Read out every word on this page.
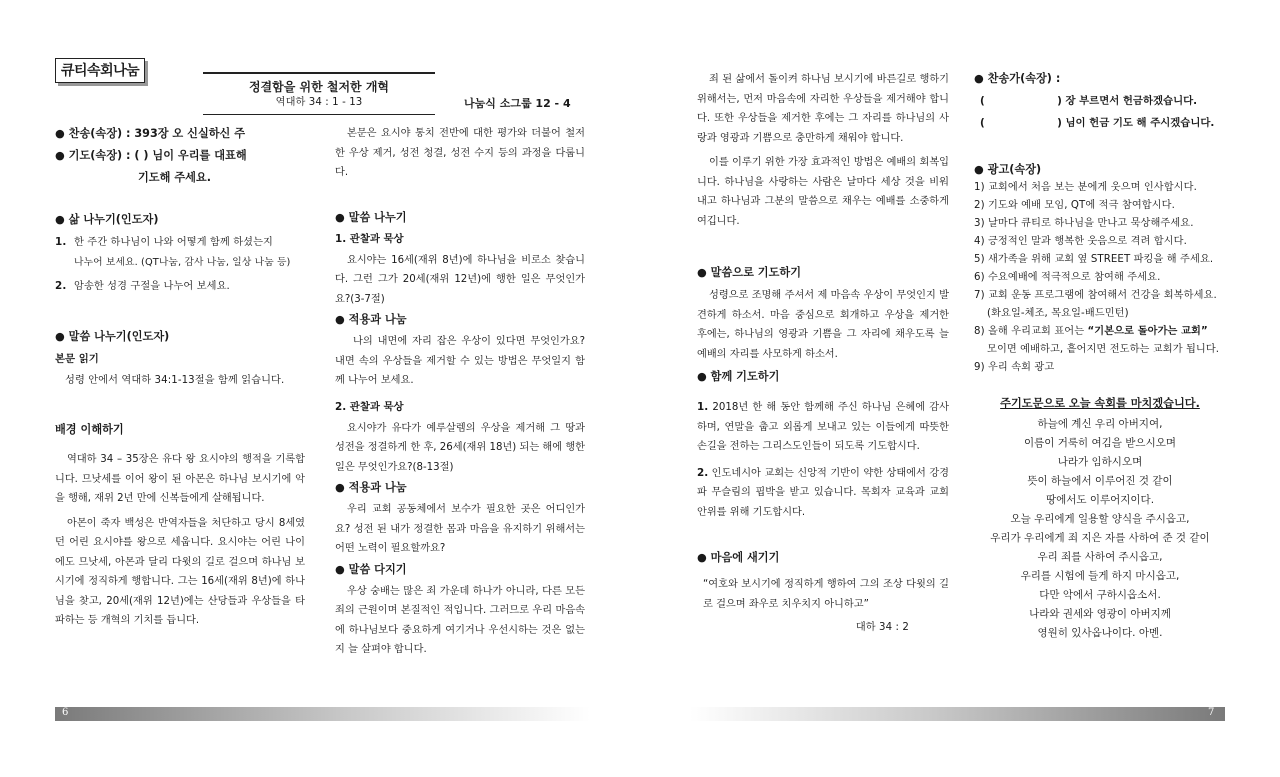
큐티속회나눔
정결함을 위한 철저한 개혁
역대하 34 : 1 - 13	나눔식 소그룹 12 - 4
● 찬송(속장) : 393장 오 신실하신 주
● 기도(속장) : ( ) 님이 우리를 대표해
기도해 주세요.
● 삶 나누기(인도자)
1. 한 주간 하나님이 나와 어떻게 함께 하셨는지
나누어 보세요. (QT나눔, 감사 나눔, 일상 나눔 등)
2. 암송한 성경 구절을 나누어 보세요.
● 말씀 나누기(인도자)
본문 읽기
성령 안에서 역대하 34:1-13절을 함께 읽습니다.
배경 이해하기
역대하 34 – 35장은 유다 왕 요시야의 행적을 기록합니다. 므낫세를 이어 왕이 된 아몬은 하나님 보시기에 악을 행해, 재위 2년 만에 신복들에게 살해됩니다.
아몬이 죽자 백성은 반역자들을 처단하고 당시 8세였던 어린 요시야를 왕으로 세웁니다. 요시야는 어린 나이에도 므낫세, 아몬과 달리 다윗의 길로 걸으며 하나님 보시기에 정직하게 행합니다. 그는 16세(재위 8년)에 하나님을 찾고, 20세(재위 12년)에는 산당들과 우상들을 타파하는 등 개혁의 기치를 듭니다.
본문은 요시야 통치 전반에 대한 평가와 더불어 철저한 우상 제거, 성전 청결, 성전 수지 등의 과정을 다룹니다.
● 말씀 나누기
1. 관찰과 묵상
요시야는 16세(재위 8년)에 하나님을 비로소 찾습니다. 그런 그가 20세(재위 12년)에 행한 일은 무엇인가요?(3-7절)
● 적용과 나눔
나의 내면에 자리 잡은 우상이 있다면 무엇인가요? 내면 속의 우상들을 제거할 수 있는 방법은 무엇일지 함께 나누어 보세요.
2. 관찰과 묵상
요시야가 유다가 예루살렘의 우상을 제거해 그 땅과 성전을 정결하게 한 후, 26세(재위 18년) 되는 해에 행한 일은 무엇인가요?(8-13절)
● 적용과 나눔
우리 교회 공동체에서 보수가 필요한 곳은 어디인가요? 성전 된 내가 정결한 몸과 마음을 유지하기 위해서는 어떤 노력이 필요할까요?
● 말씀 다지기
우상 숭배는 많은 죄 가운데 하나가 아니라, 다른 모든 죄의 근원이며 본질적인 적입니다. 그러므로 우리 마음속에 하나님보다 중요하게 여기거나 우선시하는 것은 없는지 늘 살펴야 합니다.
6
죄 된 삶에서 돌이켜 하나님 보시기에 바른길로 행하기 위해서는, 먼저 마음속에 자리한 우상들을 제거해야 합니다. 또한 우상들을 제거한 후에는 그 자리를 하나님의 사랑과 영광과 기쁨으로 충만하게 채워야 합니다.
이를 이루기 위한 가장 효과적인 방법은 예배의 회복입니다. 하나님을 사랑하는 사람은 날마다 세상 것을 비워내고 하나님과 그분의 말씀으로 채우는 예배를 소중하게 여깁니다.
● 말씀으로 기도하기
성령으로 조명해 주셔서 제 마음속 우상이 무엇인지 발견하게 하소서. 마음 중심으로 회개하고 우상을 제거한 후에는, 하나님의 영광과 기쁨을 그 자리에 채우도록 늘 예배의 자리를 사모하게 하소서.
● 함께 기도하기
1. 2018년 한 해 동안 함께해 주신 하나님 은혜에 감사하며, 연말을 춥고 외롭게 보내고 있는 이들에게 따뜻한 손길을 전하는 그리스도인들이 되도록 기도합시다.
2. 인도네시아 교회는 신앙적 기반이 약한 상태에서 강경파 무슬림의 핍박을 받고 있습니다. 목회자 교육과 교회 안위를 위해 기도합시다.
● 마음에 새기기
“여호와 보시기에 정직하게 행하여 그의 조상 다윗의 길로 걸으며 좌우로 치우치지 아니하고”
대하 34 : 2
● 찬송가(속장) :
(                    ) 장 부르면서 헌금하겠습니다.
(                    ) 님이 헌금 기도 해 주시겠습니다.
● 광고(속장)
1) 교회에서 처음 보는 분에게 웃으며 인사합시다.
2) 기도와 예배 모임, QT에 적극 참여합시다.
3) 날마다 큐티로 하나님을 만나고 묵상해주세요.
4) 긍정적인 말과 행복한 웃음으로 격려 합시다.
5) 새가족을 위해 교회 옆 STREET 파킹을 해 주세요.
6) 수요예배에 적극적으로 참여해 주세요.
7) 교회 운동 프로그램에 참여해서 건강을 회복하세요.
(화요일-체조, 목요일-배드민턴)
8) 올해 우리교회 표어는 “기본으로 돌아가는 교회”
모이면 예배하고, 흩어지면 전도하는 교회가 됩니다.
9) 우리 속회 광고
주기도문으로 오늘 속회를 마치겠습니다.
하늘에 계신 우리 아버지여,
이름이 거룩히 여김을 받으시오며
나라가 임하시오며
뜻이 하늘에서 이루어진 것 같이
땅에서도 이루어지이다.
오늘 우리에게 일용할 양식을 주시옵고,
우리가 우리에게 죄 지은 자를 사하여 준 것 같이
우리 죄를 사하여 주시옵고,
우리를 시험에 들게 하지 마시옵고,
다만 악에서 구하시옵소서.
나라와 권세와 영광이 아버지께
영원히 있사옵나이다. 아멘.
7
